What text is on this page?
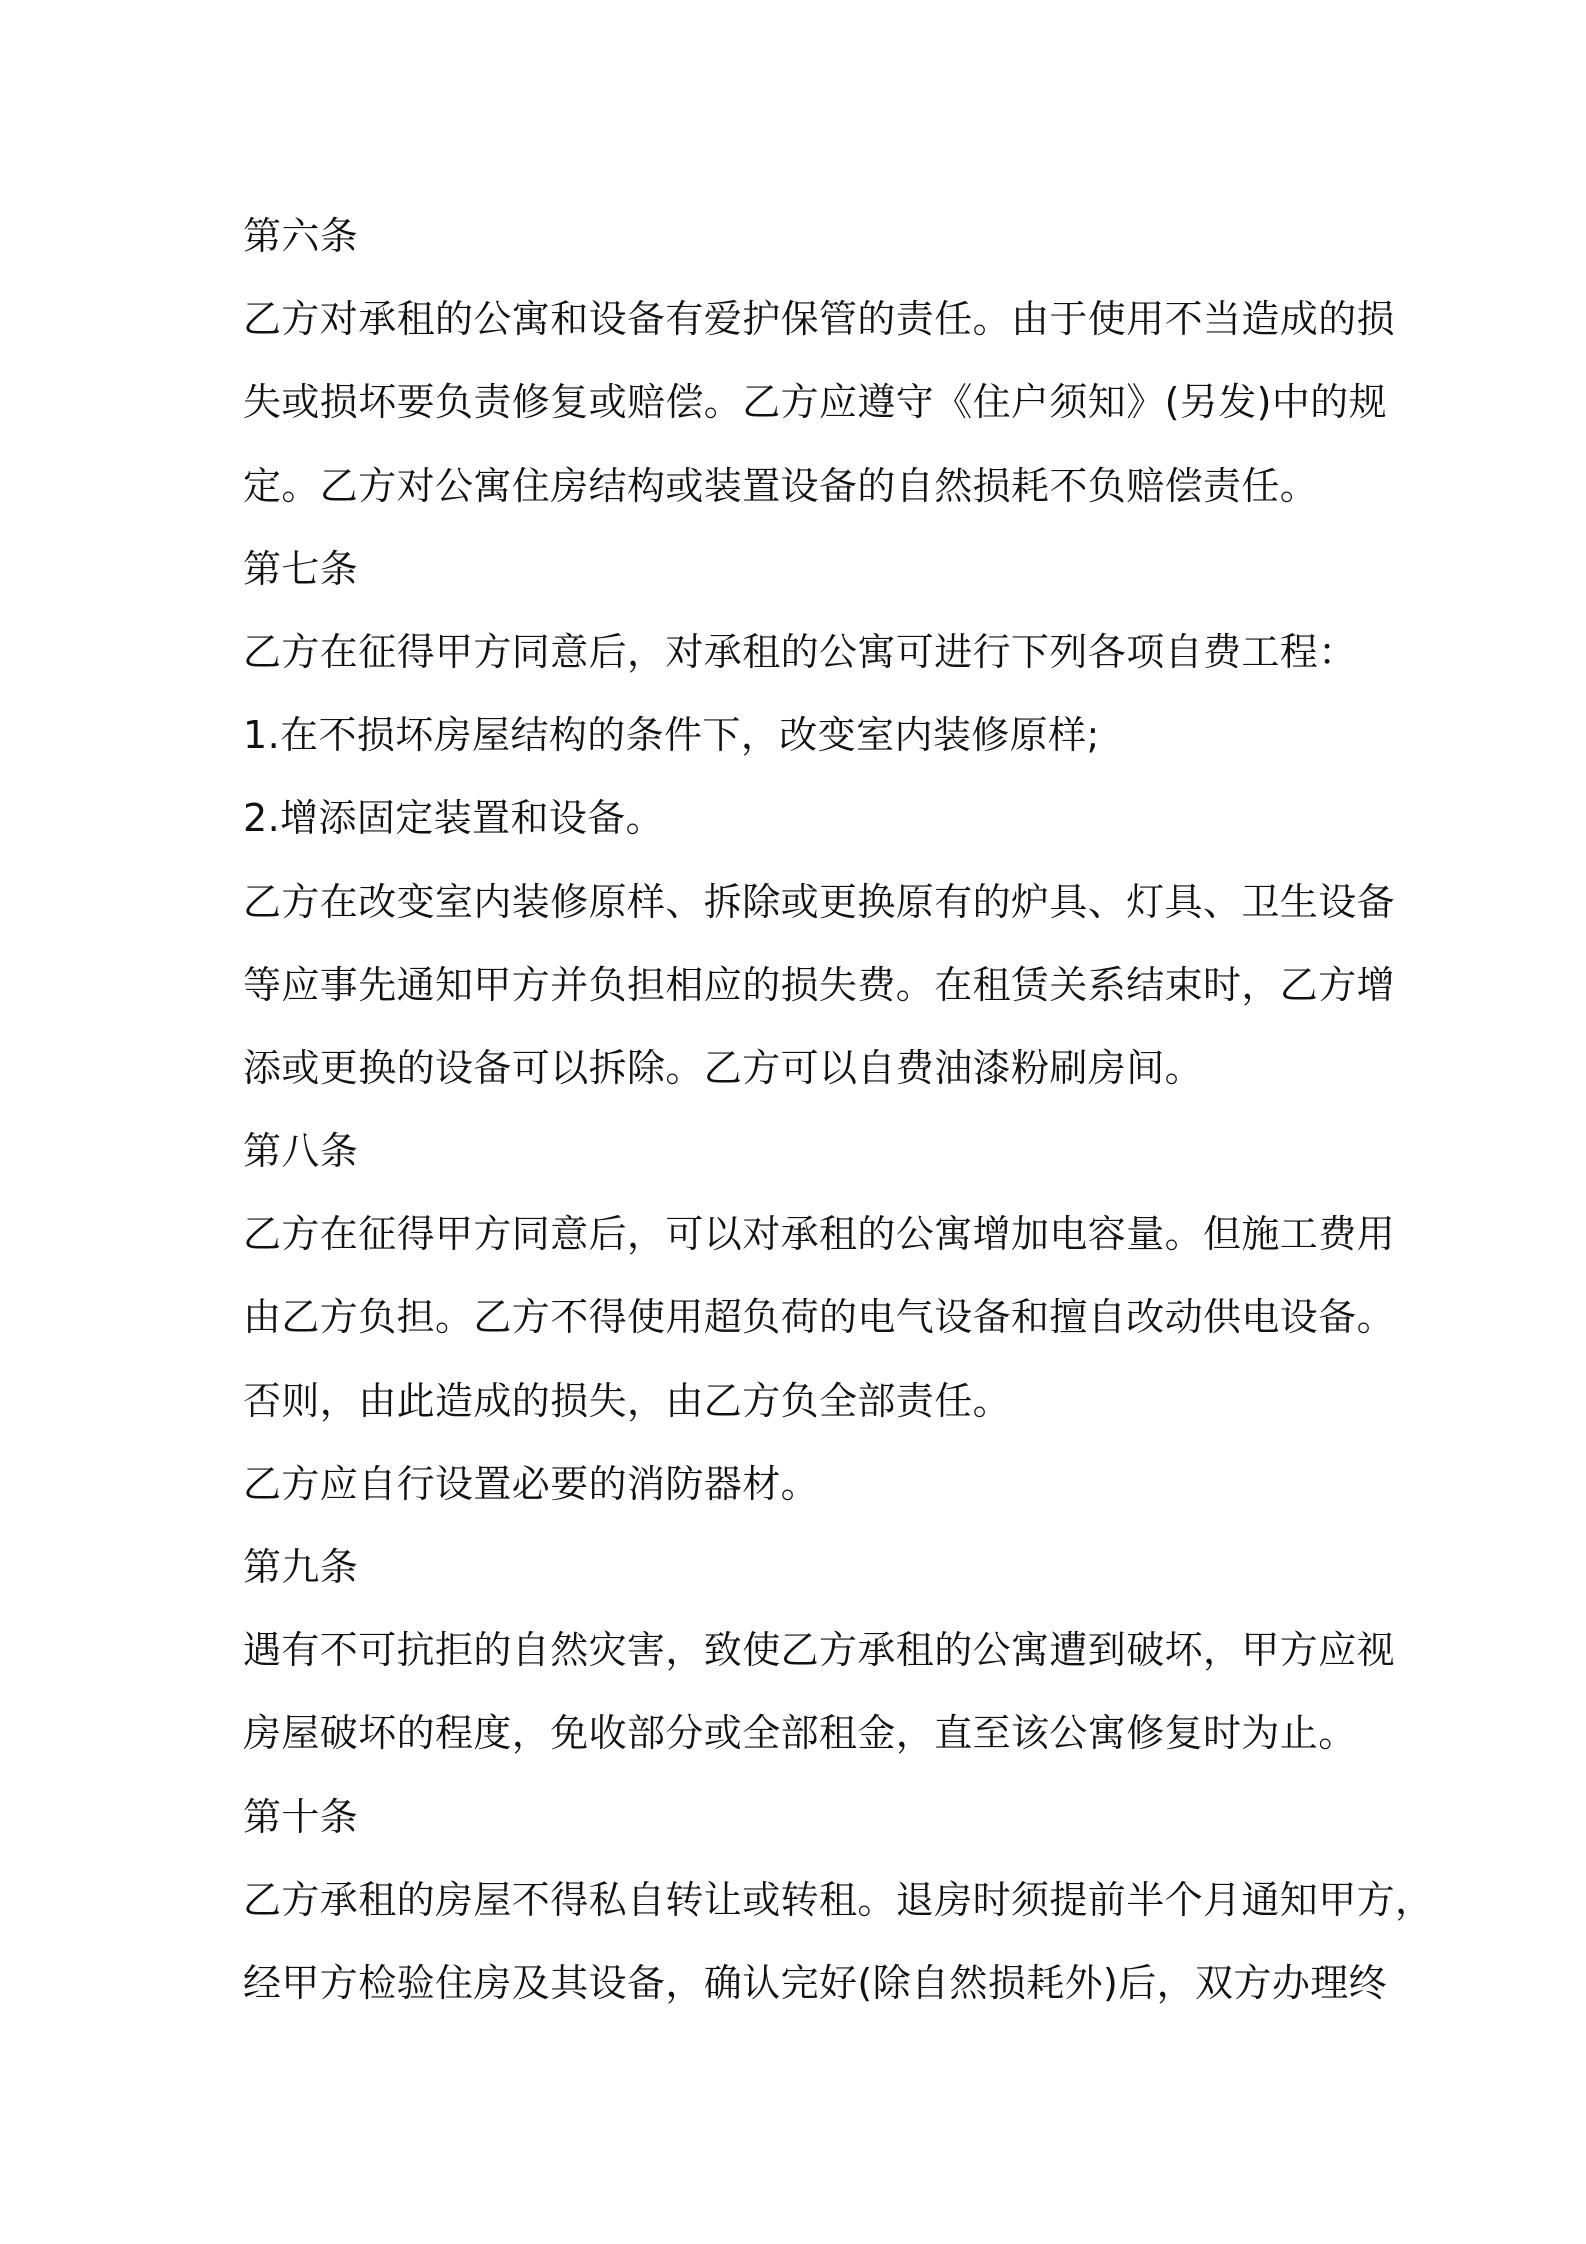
第六条
乙方对承租的公寓和设备有爱护保管的责任。由于使用不当造成的损
失或损坏要负责修复或赔偿。乙方应遵守《住户须知》(另发)中的规
定。乙方对公寓住房结构或装置设备的自然损耗不负赔偿责任。
第七条
乙方在征得甲方同意后，对承租的公寓可进行下列各项自费工程：
1.在不损坏房屋结构的条件下，改变室内装修原样;
2.增添固定装置和设备。
乙方在改变室内装修原样、拆除或更换原有的炉具、灯具、卫生设备
等应事先通知甲方并负担相应的损失费。在租赁关系结束时，乙方增
添或更换的设备可以拆除。乙方可以自费油漆粉刷房间。
第八条
乙方在征得甲方同意后，可以对承租的公寓增加电容量。但施工费用
由乙方负担。乙方不得使用超负荷的电气设备和擅自改动供电设备。
否则，由此造成的损失，由乙方负全部责任。
乙方应自行设置必要的消防器材。
第九条
遇有不可抗拒的自然灾害，致使乙方承租的公寓遭到破坏，甲方应视
房屋破坏的程度，免收部分或全部租金，直至该公寓修复时为止。
第十条
乙方承租的房屋不得私自转让或转租。退房时须提前半个月通知甲方，
经甲方检验住房及其设备，确认完好(除自然损耗外)后，双方办理终
